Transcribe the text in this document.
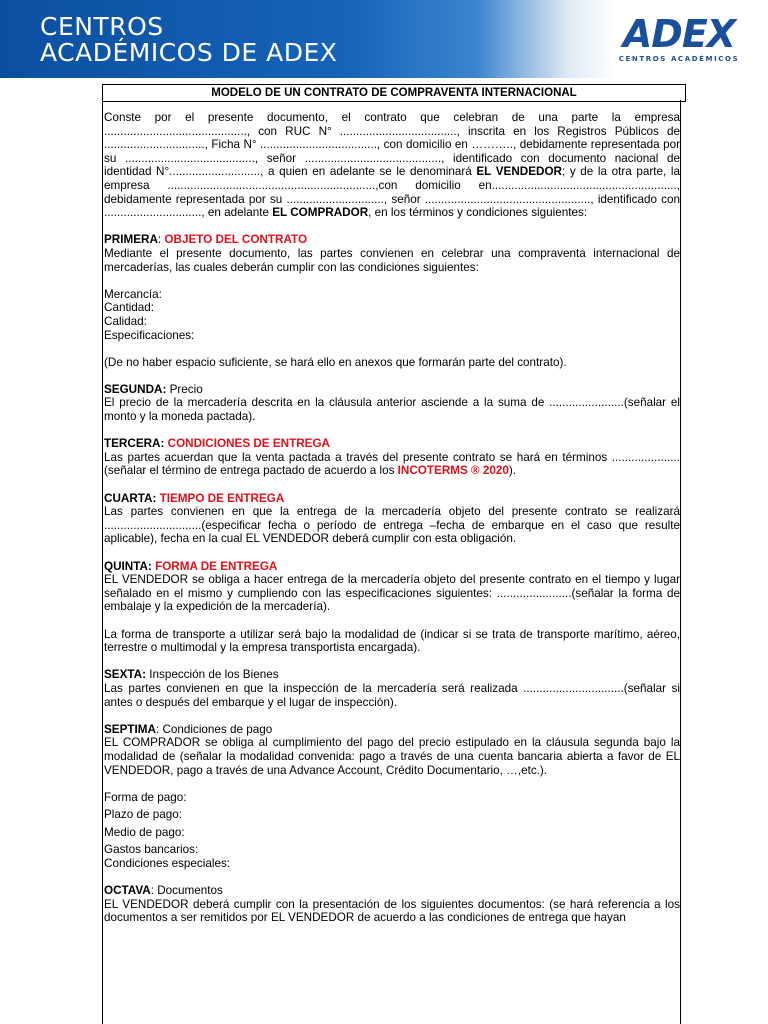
CENTROS
ACADÉMICOS DE ADEX	ADEX
CENTROS ACADÉMICOS
MODELO DE UN CONTRATO DE COMPRAVENTA INTERNACIONAL

Conste por el presente documento, el contrato que celebran de una parte la empresa ............................................, con RUC N° ...................................., inscrita en los Registros Públicos de ..............................., Ficha N° ...................................., con domicilio en ……….., debidamente representada por su ........................................, señor .........................................., identificado con documento nacional de identidad N°............................, a quien en adelante se le denominará EL VENDEDOR; y de la otra parte, la empresa ................................................................,con domicilio en........................................................., debidamente representada por su .............................., señor ..................................................., identificado con .............................., en adelante EL COMPRADOR, en los términos y condiciones siguientes:

PRIMERA: OBJETO DEL CONTRATO

Mediante el presente documento, las partes convienen en celebrar una compraventa internacional de mercaderías, las cuales deberán cumplir con las condiciones siguientes:

Mercancía:

Cantidad:

Calidad:

Especificaciones:

(De no haber espacio suficiente, se hará ello en anexos que formarán parte del contrato).

SEGUNDA: Precio

El precio de la mercadería descrita en la cláusula anterior asciende a la suma de .......................(señalar el monto y la moneda pactada).

TERCERA: CONDICIONES DE ENTREGA

Las partes acuerdan que la venta pactada a través del presente contrato se hará en términos .....................(señalar el término de entrega pactado de acuerdo a los INCOTERMS ® 2020).

CUARTA: TIEMPO DE ENTREGA

Las partes convienen en que la entrega de la mercadería objeto del presente contrato se realizará ..............................(especificar fecha o período de entrega –fecha de embarque en el caso que resulte aplicable), fecha en la cual EL VENDEDOR deberá cumplir con esta obligación.

QUINTA: FORMA DE ENTREGA

EL VENDEDOR se obliga a hacer entrega de la mercadería objeto del presente contrato en el tiempo y lugar señalado en el mismo y cumpliendo con las especificaciones siguientes: .......................(señalar la forma de embalaje y la expedición de la mercadería).

La forma de transporte a utilizar será bajo la modalidad de (indicar si se trata de transporte marítimo, aéreo, terrestre o multimodal y la empresa transportista encargada).

SEXTA: Inspección de los Bienes

Las partes convienen en que la inspección de la mercadería será realizada ...............................(señalar si antes o después del embarque y el lugar de inspección).

SEPTIMA: Condiciones de pago

EL COMPRADOR se obliga al cumplimiento del pago del precio estipulado en la cláusula segunda bajo la modalidad de (señalar la modalidad convenida: pago a través de una cuenta bancaria abierta a favor de EL VENDEDOR, pago a través de una Advance Account, Crédito Documentario, …,etc.).

Forma de pago:

Plazo de pago:

Medio de pago:

Gastos bancarios:

Condiciones especiales:

OCTAVA: Documentos

EL VENDEDOR deberá cumplir con la presentación de los siguientes documentos: (se hará referencia a los documentos a ser remitidos por EL VENDEDOR de acuerdo a las condiciones de entrega que hayan
